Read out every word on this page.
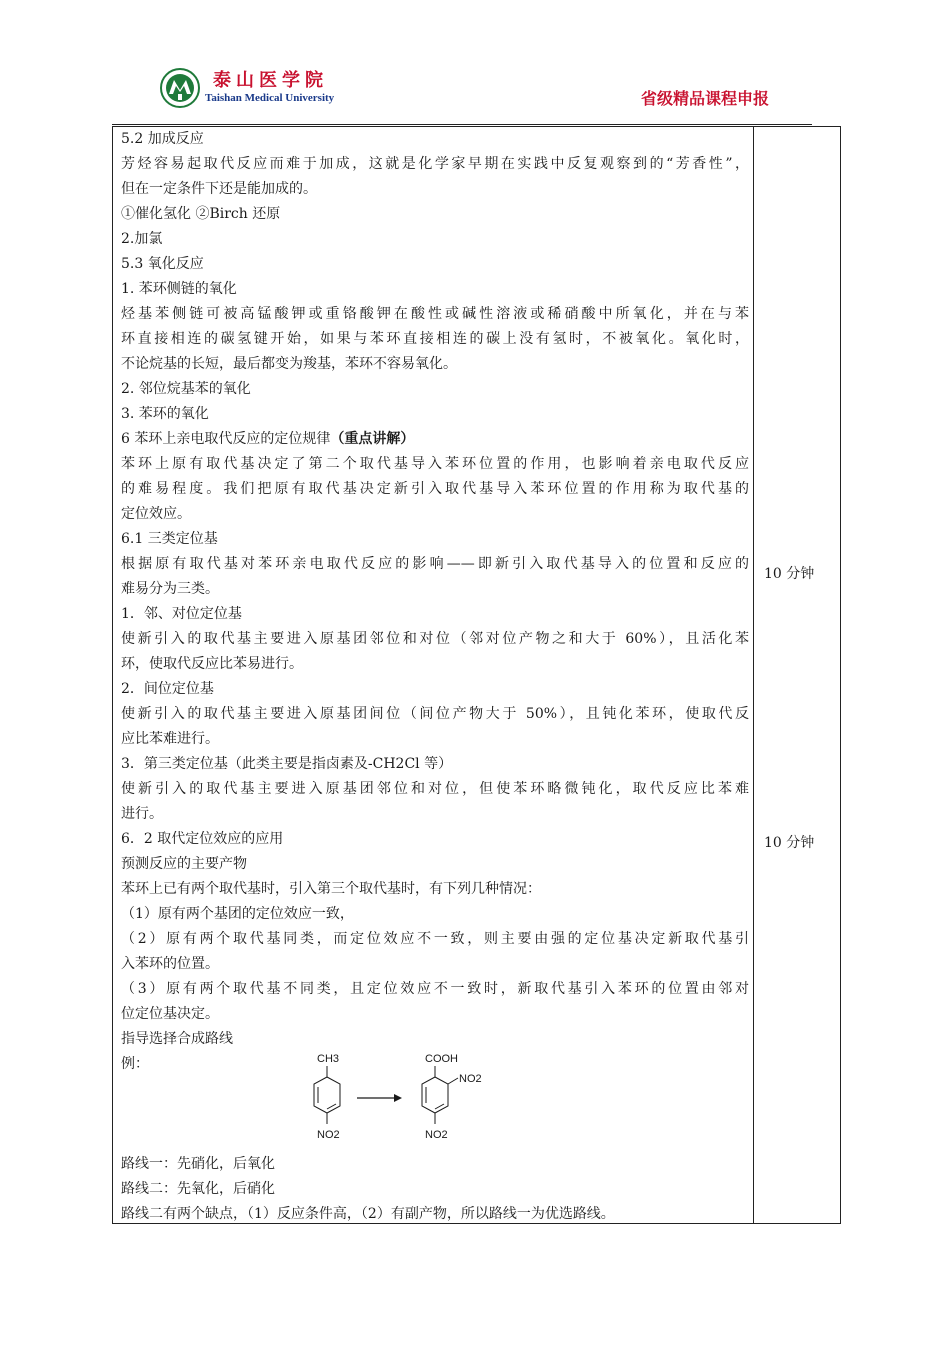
泰山医学院
Taishan Medical University	省级精品课程申报
5.2 加成反应
芳烃容易起取代反应而难于加成，这就是化学家早期在实践中反复观察到的“芳香性”，
但在一定条件下还是能加成的。
①催化氢化 ②Birch 还原
2.加氯
5.3 氧化反应
1. 苯环侧链的氧化
烃基苯侧链可被高锰酸钾或重铬酸钾在酸性或碱性溶液或稀硝酸中所氧化，并在与苯
环直接相连的碳氢键开始，如果与苯环直接相连的碳上没有氢时，不被氧化。氧化时，
不论烷基的长短，最后都变为羧基，苯环不容易氧化。
2. 邻位烷基苯的氧化
3. 苯环的氧化
6 苯环上亲电取代反应的定位规律（重点讲解）
苯环上原有取代基决定了第二个取代基导入苯环位置的作用，也影响着亲电取代反应
的难易程度。我们把原有取代基决定新引入取代基导入苯环位置的作用称为取代基的
定位效应。
6.1 三类定位基
根据原有取代基对苯环亲电取代反应的影响——即新引入取代基导入的位置和反应的
难易分为三类。
1．邻、对位定位基
使新引入的取代基主要进入原基团邻位和对位（邻对位产物之和大于 60%），且活化苯
环，使取代反应比苯易进行。
2．间位定位基
使新引入的取代基主要进入原基团间位（间位产物大于 50%），且钝化苯环，使取代反
应比苯难进行。
3．第三类定位基（此类主要是指卤素及-CH2Cl 等）
使新引入的取代基主要进入原基团邻位和对位，但使苯环略微钝化，取代反应比苯难
进行。
6．2 取代定位效应的应用
预测反应的主要产物
苯环上已有两个取代基时，引入第三个取代基时，有下列几种情况：
（1）原有两个基团的定位效应一致，
（2）原有两个取代基同类，而定位效应不一致，则主要由强的定位基决定新取代基引
入苯环的位置。
（3）原有两个取代基不同类，且定位效应不一致时，新取代基引入苯环的位置由邻对
位定位基决定。
指导选择合成路线
例：
路线一：先硝化，后氧化
路线二：先氧化，后硝化
路线二有两个缺点，（1）反应条件高，（2）有副产物，所以路线一为优选路线。
CH3
NO2
COOH
NO2
NO2
10 分钟
10 分钟
